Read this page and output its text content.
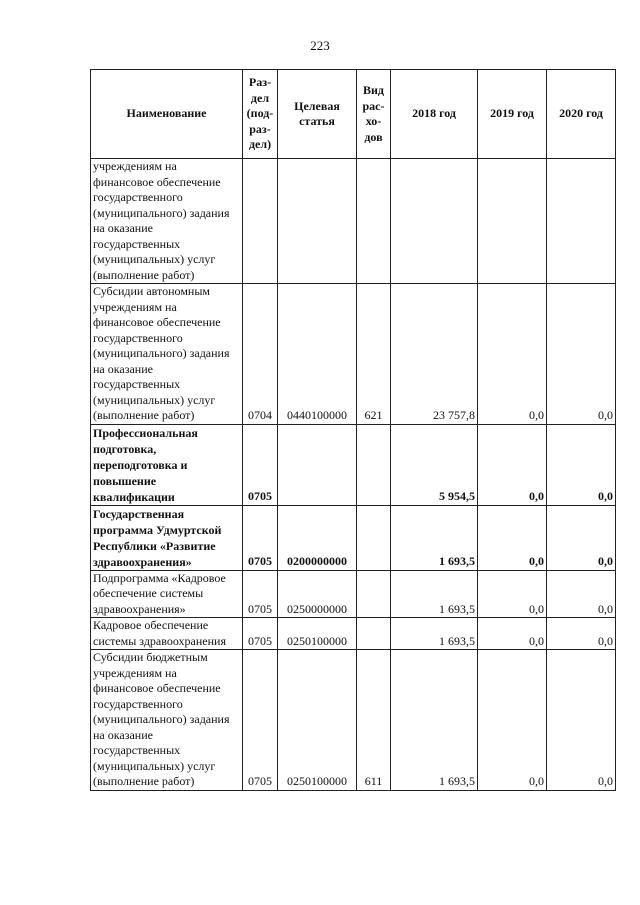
223
Наименование	Раз-
дел
(под-
раз-
дел)	Целевая
статья	Вид
рас-
хо-
дов	2018 год	2019 год	2020 год
учреждениям на финансовое обеспечение государственного (муниципального) задания на оказание государственных (муниципальных) услуг (выполнение работ)						
Субсидии автономным учреждениям на финансовое обеспечение государственного (муниципального) задания на оказание государственных (муниципальных) услуг (выполнение работ)	0704	0440100000	621	23 757,8	0,0	0,0
Профессиональная подготовка, переподготовка и повышение квалификации	0705			5 954,5	0,0	0,0
Государственная программа Удмуртской Республики «Развитие здравоохранения»	0705	0200000000		1 693,5	0,0	0,0
Подпрограмма «Кадровое обеспечение системы здравоохранения»	0705	0250000000		1 693,5	0,0	0,0
Кадровое обеспечение системы здравоохранения	0705	0250100000		1 693,5	0,0	0,0
Субсидии бюджетным учреждениям на финансовое обеспечение государственного (муниципального) задания на оказание государственных (муниципальных) услуг (выполнение работ)	0705	0250100000	611	1 693,5	0,0	0,0
